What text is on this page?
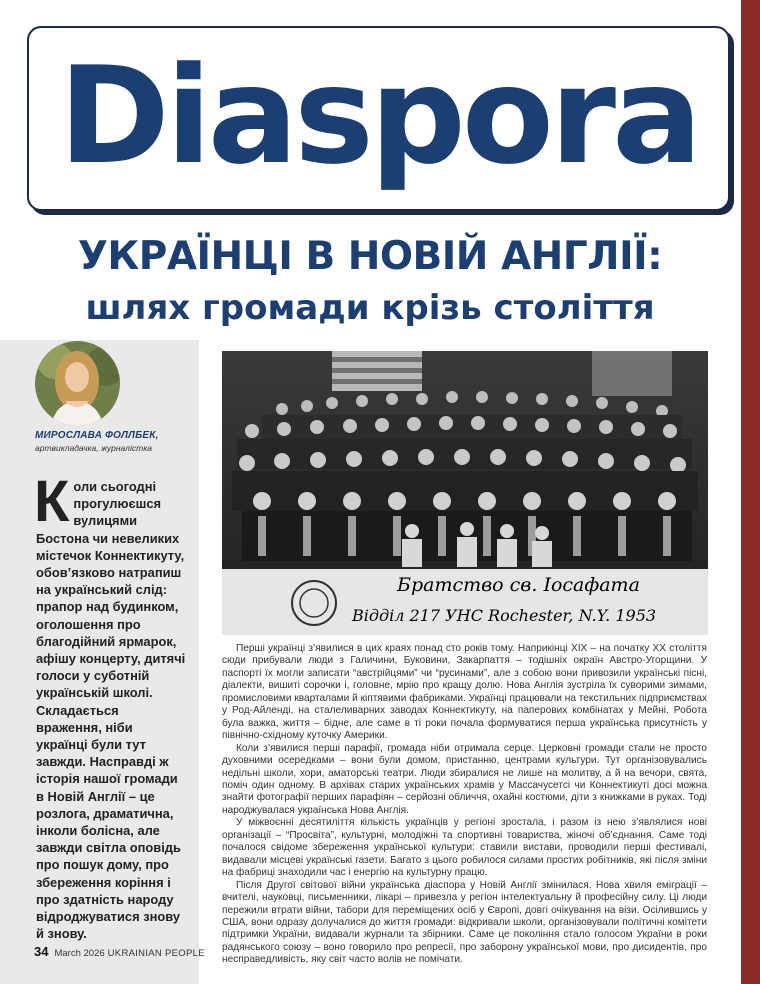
Diaspora
УКРАЇНЦІ В НОВІЙ АНГЛІЇ:
шлях громади крізь століття
МИРОСЛАВА ФОЛЛБЕК,
артвикладачка, журналістка
Коли сьогодні прогулюєшся вулицями Бостона чи невеликих містечок Коннектикуту, обов’язково натрапиш на український слід: прапор над будинком, оголошення про благодійний ярмарок, афішу концерту, дитячі голоси у суботній українській школі. Складається враження, ніби українці були тут завжди. Насправді ж історія нашої громади в Новій Англії – це розлога, драматична, інколи болісна, але завжди світла оповідь про пошук дому, про збереження коріння і про здатність народу відроджуватися знову й знову.
Братство св. Іосафата
Відділ 217 УНС Rochester, N.Y. 1953

Перші українці з’явилися в цих краях понад сто років тому. Наприкінці XIX – на початку XX століття сюди прибували люди з Галичини, Буковини, Закарпаття – тодішніх окраїн Австро-Угорщини. У паспорті їх могли записати “австрійцями” чи “русинами”, але з собою вони привозили українські пісні, діалекти, вишиті сорочки і, головне, мрію про кращу долю. Нова Англія зустріла їх суворими зимами, промисловими кварталами й кіптявими фабриками. Українці працювали на текстильних підприємствах у Род-Айленді, на сталеливарних заводах Коннектикуту, на паперових комбінатах у Мейні. Робота була важка, життя – бідне, але саме в ті роки почала формуватися перша українська присутність у північно-східному куточку Америки.

Коли з’явилися перші парафії, громада ніби отримала серце. Церковні громади стали не просто духовними осередками – вони були домом, пристанню, центрами культури. Тут організовувались недільні школи, хори, аматорські театри. Люди збиралися не лише на молитву, а й на вечори, свята, поміч один одному. В архівах старих українських храмів у Массачусетсі чи Коннектикуті досі можна знайти фотографії перших парафіян – серйозні обличчя, охайні костюми, діти з книжками в руках. Тоді народжувалася українська Нова Англія.

У міжвоєнні десятиліття кількість українців у регіоні зростала, і разом із нею з’являлися нові організації – “Просвіта”, культурні, молодіжні та спортивні товариства, жіночі об’єднання. Саме тоді почалося свідоме збереження української культури: ставили вистави, проводили перші фестивалі, видавали місцеві українські газети. Багато з цього робилося силами простих робітників, які після зміни на фабриці знаходили час і енергію на культурну працю.

Після Другої світової війни українська діаспора у Новій Англії змінилася. Нова хвиля еміграції – вчителі, науковці, письменники, лікарі – привезла у регіон інтелектуальну й професійну силу. Ці люди пережили втрати війни, табори для переміщених осіб у Європі, довгі очікування на візи. Осілившись у США, вони одразу долучалися до життя громади: відкривали школи, організовували політичні комітети підтримки України, видавали журнали та збірники. Саме це покоління стало голосом України в роки радянського союзу – воно говорило про репресії, про заборону української мови, про дисидентів, про несправедливість, яку світ часто волів не помічати.

34 March 2026 UKRAINIAN PEOPLE
